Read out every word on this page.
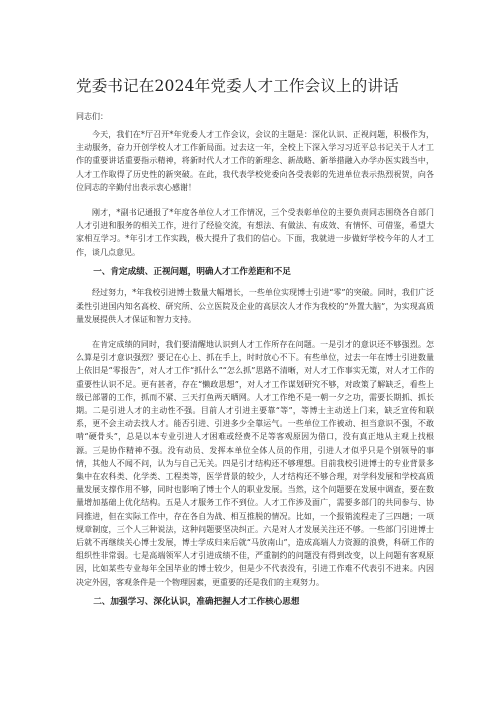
党委书记在2024年党委人才工作会议上的讲话

同志们：

今天，我们在*厅召开*年党委人才工作会议，会议的主题是：深化认识、正视问题，积极作为，主动服务，奋力开创学校人才工作新局面。过去这一年，全校上下深入学习习近平总书记关于人才工作的重要讲话重要指示精神，将新时代人才工作的新理念、新战略、新举措融入办学办医实践当中，人才工作取得了历史性的新突破。在此，我代表学校党委向各受表彰的先进单位表示热烈祝贺，向各位同志的辛勤付出表示衷心感谢！

刚才，*副书记通报了*年度各单位人才工作情况，三个受表彰单位的主要负责同志围绕各自部门人才引进和服务的相关工作，进行了经验交流，有想法、有做法、有成效、有情怀、可借鉴，希望大家相互学习。*年引才工作实践，极大提升了我们的信心。下面，我就进一步做好学校今年的人才工作，谈几点意见。

一、肯定成绩、正视问题，明确人才工作差距和不足

经过努力，*年我校引进博士数量大幅增长，一些单位实现博士引进“零”的突破。同时，我们广泛柔性引进国内知名高校、研究所、公立医院及企业的高层次人才作为我校的“外置大脑”，为实现高质量发展提供人才保证和智力支持。

在肯定成绩的同时，我们要清醒地认识到人才工作所存在问题。一是引才的意识还不够强烈。怎么算是引才意识强烈？要记在心上、抓在手上，时时放心不下。有些单位，过去一年在博士引进数量上依旧是“零报告”，对人才工作“抓什么”“怎么抓”思路不清晰，对人才工作事实无策，对人才工作的重要性认识不足。更有甚者，存在“懒政思想”，对人才工作谋划研究不够，对政策了解缺乏，看些上级已部署的工作，抓而不紧、三天打鱼两天晒网。人才工作绝不是一朝一夕之功，需要长期抓、抓长期。二是引进人才的主动性不强。目前人才引进主要靠“等”，等博士主动送上门来，缺乏宣传和联系，更不会主动去找人才。能否引进、引进多少全靠运气。一些单位工作被动、担当意识不强，不敢啃“硬骨头”，总是以本专业引进人才困难或经费不足等客观原因为借口，没有真正地从主观上找根源。三是协作精神不强。没有动员、发挥本单位全体人员的作用，引进人才似乎只是个别领导的事情，其他人不闻不问，认为与自己无关。四是引才结构还不够理想。目前我校引进博士的专业背景多集中在农科类、化学类、工程类等，医学背景的较少，人才结构还不够合理，对学科发展和学校高质量发展支撑作用不够，同时也影响了博士个人的职业发展。当然，这个问题要在发展中调查，要在数量增加基础上优化结构。五是人才服务工作不到位。人才工作涉及面广，需要多部门的共同参与、协同推进，但在实际工作中，存在各自为战、相互推脱的情况。比如，一个报销流程走了三四趟；一项规章制度，三个人三种说法，这种问题要坚决纠正。六是对人才发展关注还不够。一些部门引进博士后就不再继续关心博士发展，博士学成归来后就“马放南山”，造成高端人力资源的浪费，科研工作的组织性非常弱。七是高端领军人才引进成绩不佳，严重制约的问题没有得到改变，以上问题有客观原因，比如某些专业每年全国毕业的博士较少，但是少不代表没有，引进工作难不代表引不进来。内因决定外因，客观条件是一个物理因素，更重要的还是我们的主观努力。

二、加强学习、深化认识，准确把握人才工作核心思想
